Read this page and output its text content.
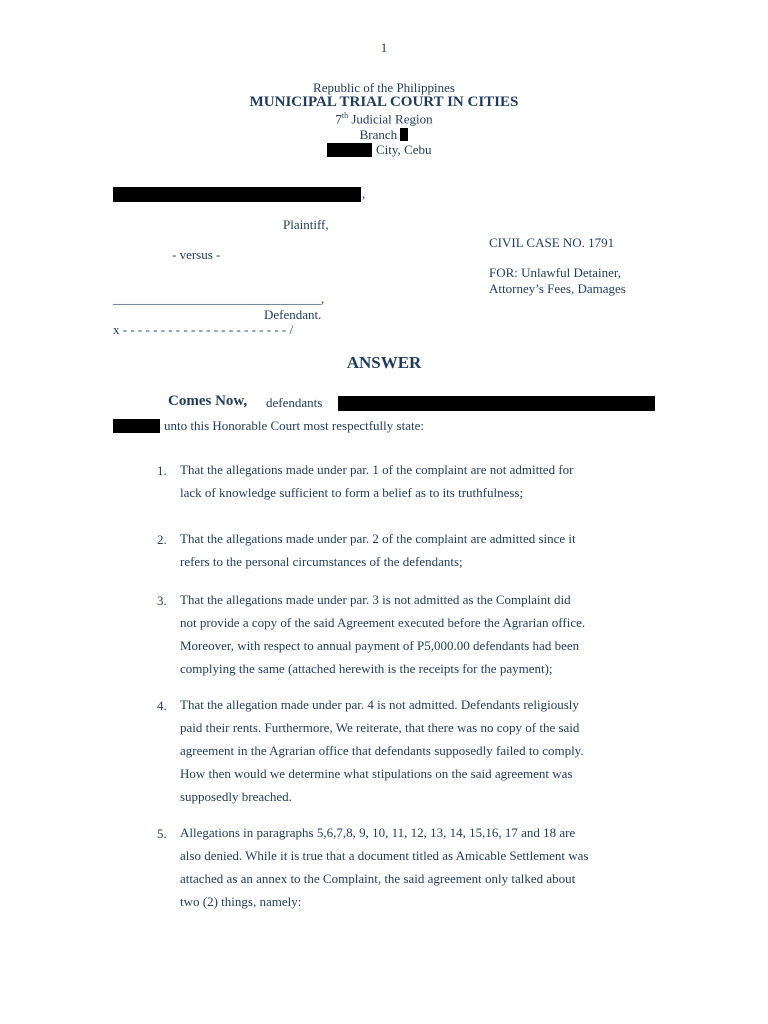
1
Republic of the Philippines
MUNICIPAL TRIAL COURT IN CITIES
7th Judicial Region
Branch
City, Cebu
,
Plaintiff,
CIVIL CASE NO. 1791
- versus -
FOR: Unlawful Detainer,
Attorney’s Fees, Damages
________________________________,
Defendant.
x - - - - - - - - - - - - - - - - - - - - - - /
ANSWER
Comes Now, defendants
unto this Honorable Court most respectfully state:
1. That the allegations made under par. 1 of the complaint are not admitted for
lack of knowledge sufficient to form a belief as to its truthfulness;
2. That the allegations made under par. 2 of the complaint are admitted since it
refers to the personal circumstances of the defendants;
3. That the allegations made under par. 3 is not admitted as the Complaint did
not provide a copy of the said Agreement executed before the Agrarian office.
Moreover, with respect to annual payment of P5,000.00 defendants had been
complying the same (attached herewith is the receipts for the payment);
4. That the allegation made under par. 4 is not admitted. Defendants religiously
paid their rents. Furthermore, We reiterate, that there was no copy of the said
agreement in the Agrarian office that defendants supposedly failed to comply.
How then would we determine what stipulations on the said agreement was
supposedly breached.
5. Allegations in paragraphs 5,6,7,8, 9, 10, 11, 12, 13, 14, 15,16, 17 and 18 are
also denied. While it is true that a document titled as Amicable Settlement was
attached as an annex to the Complaint, the said agreement only talked about
two (2) things, namely:
